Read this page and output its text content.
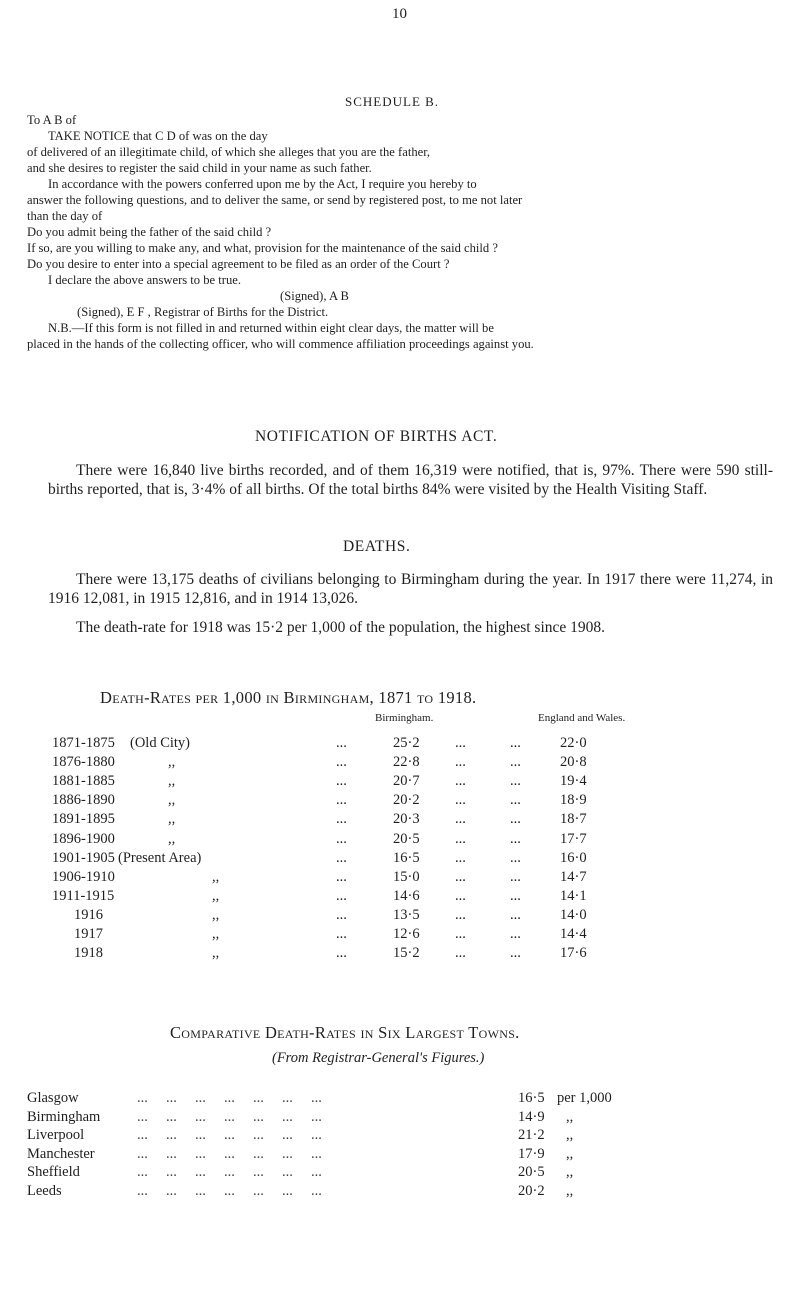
10
SCHEDULE B.
To A B of
TAKE NOTICE that C D of was on the day
of delivered of an illegitimate child, of which she alleges that you are the father,
and she desires to register the said child in your name as such father.
In accordance with the powers conferred upon me by the Act, I require you hereby to
answer the following questions, and to deliver the same, or send by registered post, to me not later
than the day of
Do you admit being the father of the said child ?
If so, are you willing to make any, and what, provision for the maintenance of the said child ?
Do you desire to enter into a special agreement to be filed as an order of the Court ?
I declare the above answers to be true.
(Signed), A B
(Signed), E F , Registrar of Births for the District.
N.B.—If this form is not filled in and returned within eight clear days, the matter will be
placed in the hands of the collecting officer, who will commence affiliation proceedings against you.
NOTIFICATION OF BIRTHS ACT.
There were 16,840 live births recorded, and of them 16,319 were notified, that is, 97%. There were 590 still-births reported, that is, 3·4% of all births. Of the total births 84% were visited by the Health Visiting Staff.
DEATHS.
There were 13,175 deaths of civilians belonging to Birmingham during the year. In 1917 there were 11,274, in 1916 12,081, in 1915 12,816, and in 1914 13,026.
The death-rate for 1918 was 15·2 per 1,000 of the population, the highest since 1908.
Death-Rates per 1,000 in Birmingham, 1871 to 1918.
Birmingham.	England and Wales.
1871-1875 (Old City)	...	25·2 ...	...	22·0
1876-1880	,,	...	22·8 ...	...	20·8
1881-1885	,,	...	20·7 ...	...	19·4
1886-1890	,,	...	20·2 ...	...	18·9
1891-1895	,,	...	20·3 ...	...	18·7
1896-1900	,,	...	20·5 ...	...	17·7
1901-1905 (Present Area)	...	16·5 ...	...	16·0
1906-1910	,,	...	15·0 ...	...	14·7
1911-1915	,,	...	14·6 ...	...	14·1
1916	,,	...	13·5 ...	...	14·0
1917	,,	...	12·6 ...	...	14·4
1918	,,	...	15·2 ...	...	17·6
Comparative Death-Rates in Six Largest Towns.
(From Registrar-General's Figures.)
Glasgow	...     ...     ...     ...     ...     ...     ...	16·5 per 1,000
Birmingham	...     ...     ...     ...     ...     ...     ...	14·9 ,,
Liverpool	...     ...     ...     ...     ...     ...     ...	21·2 ,,
Manchester	...     ...     ...     ...     ...     ...     ...	17·9 ,,
Sheffield	...     ...     ...     ...     ...     ...     ...	20·5 ,,
Leeds	...     ...     ...     ...     ...     ...     ...	20·2 ,,
